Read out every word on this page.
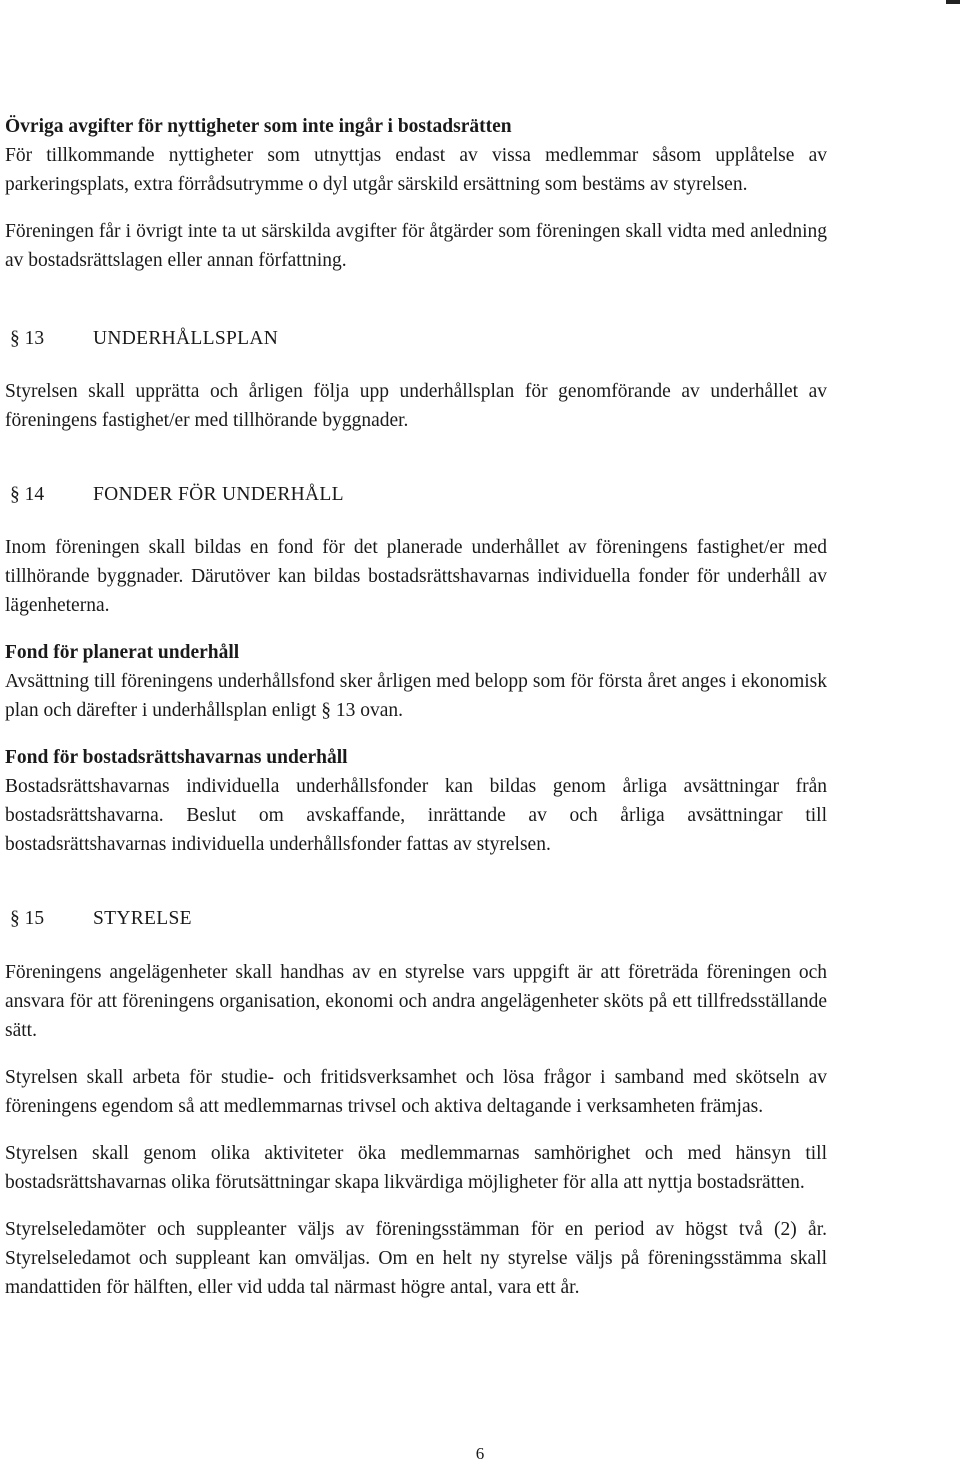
Övriga avgifter för nyttigheter som inte ingår i bostadsrätten

För tillkommande nyttigheter som utnyttjas endast av vissa medlemmar såsom upplåtelse av parkeringsplats, extra förrådsutrymme o dyl utgår särskild ersättning som bestäms av styrelsen.

Föreningen får i övrigt inte ta ut särskilda avgifter för åtgärder som föreningen skall vidta med anledning av bostadsrättslagen eller annan författning.

§ 13	UNDERHÅLLSPLAN

Styrelsen skall upprätta och årligen följa upp underhållsplan för genomförande av underhållet av föreningens fastighet/er med tillhörande byggnader.

§ 14	FONDER FÖR UNDERHÅLL

Inom föreningen skall bildas en fond för det planerade underhållet av föreningens fastighet/er med tillhörande byggnader. Därutöver kan bildas bostadsrättshavarnas individuella fonder för underhåll av lägenheterna.

Fond för planerat underhåll

Avsättning till föreningens underhållsfond sker årligen med belopp som för första året anges i ekonomisk plan och därefter i underhållsplan enligt § 13 ovan.

Fond för bostadsrättshavarnas underhåll

Bostadsrättshavarnas individuella underhållsfonder kan bildas genom årliga avsättningar från bostadsrättshavarna. Beslut om avskaffande, inrättande av och årliga avsättningar till bostadsrättshavarnas individuella underhållsfonder fattas av styrelsen.

§ 15	STYRELSE

Föreningens angelägenheter skall handhas av en styrelse vars uppgift är att företräda föreningen och ansvara för att föreningens organisation, ekonomi och andra angelägenheter sköts på ett tillfredsställande sätt.

Styrelsen skall arbeta för studie- och fritidsverksamhet och lösa frågor i samband med skötseln av föreningens egendom så att medlemmarnas trivsel och aktiva deltagande i verksamheten främjas.

Styrelsen skall genom olika aktiviteter öka medlemmarnas samhörighet och med hänsyn till bostadsrättshavarnas olika förutsättningar skapa likvärdiga möjligheter för alla att nyttja bostadsrätten.

Styrelseledamöter och suppleanter väljs av föreningsstämman för en period av högst två (2) år. Styrelseledamot och suppleant kan omväljas. Om en helt ny styrelse väljs på föreningsstämma skall mandattiden för hälften, eller vid udda tal närmast högre antal, vara ett år.

6
